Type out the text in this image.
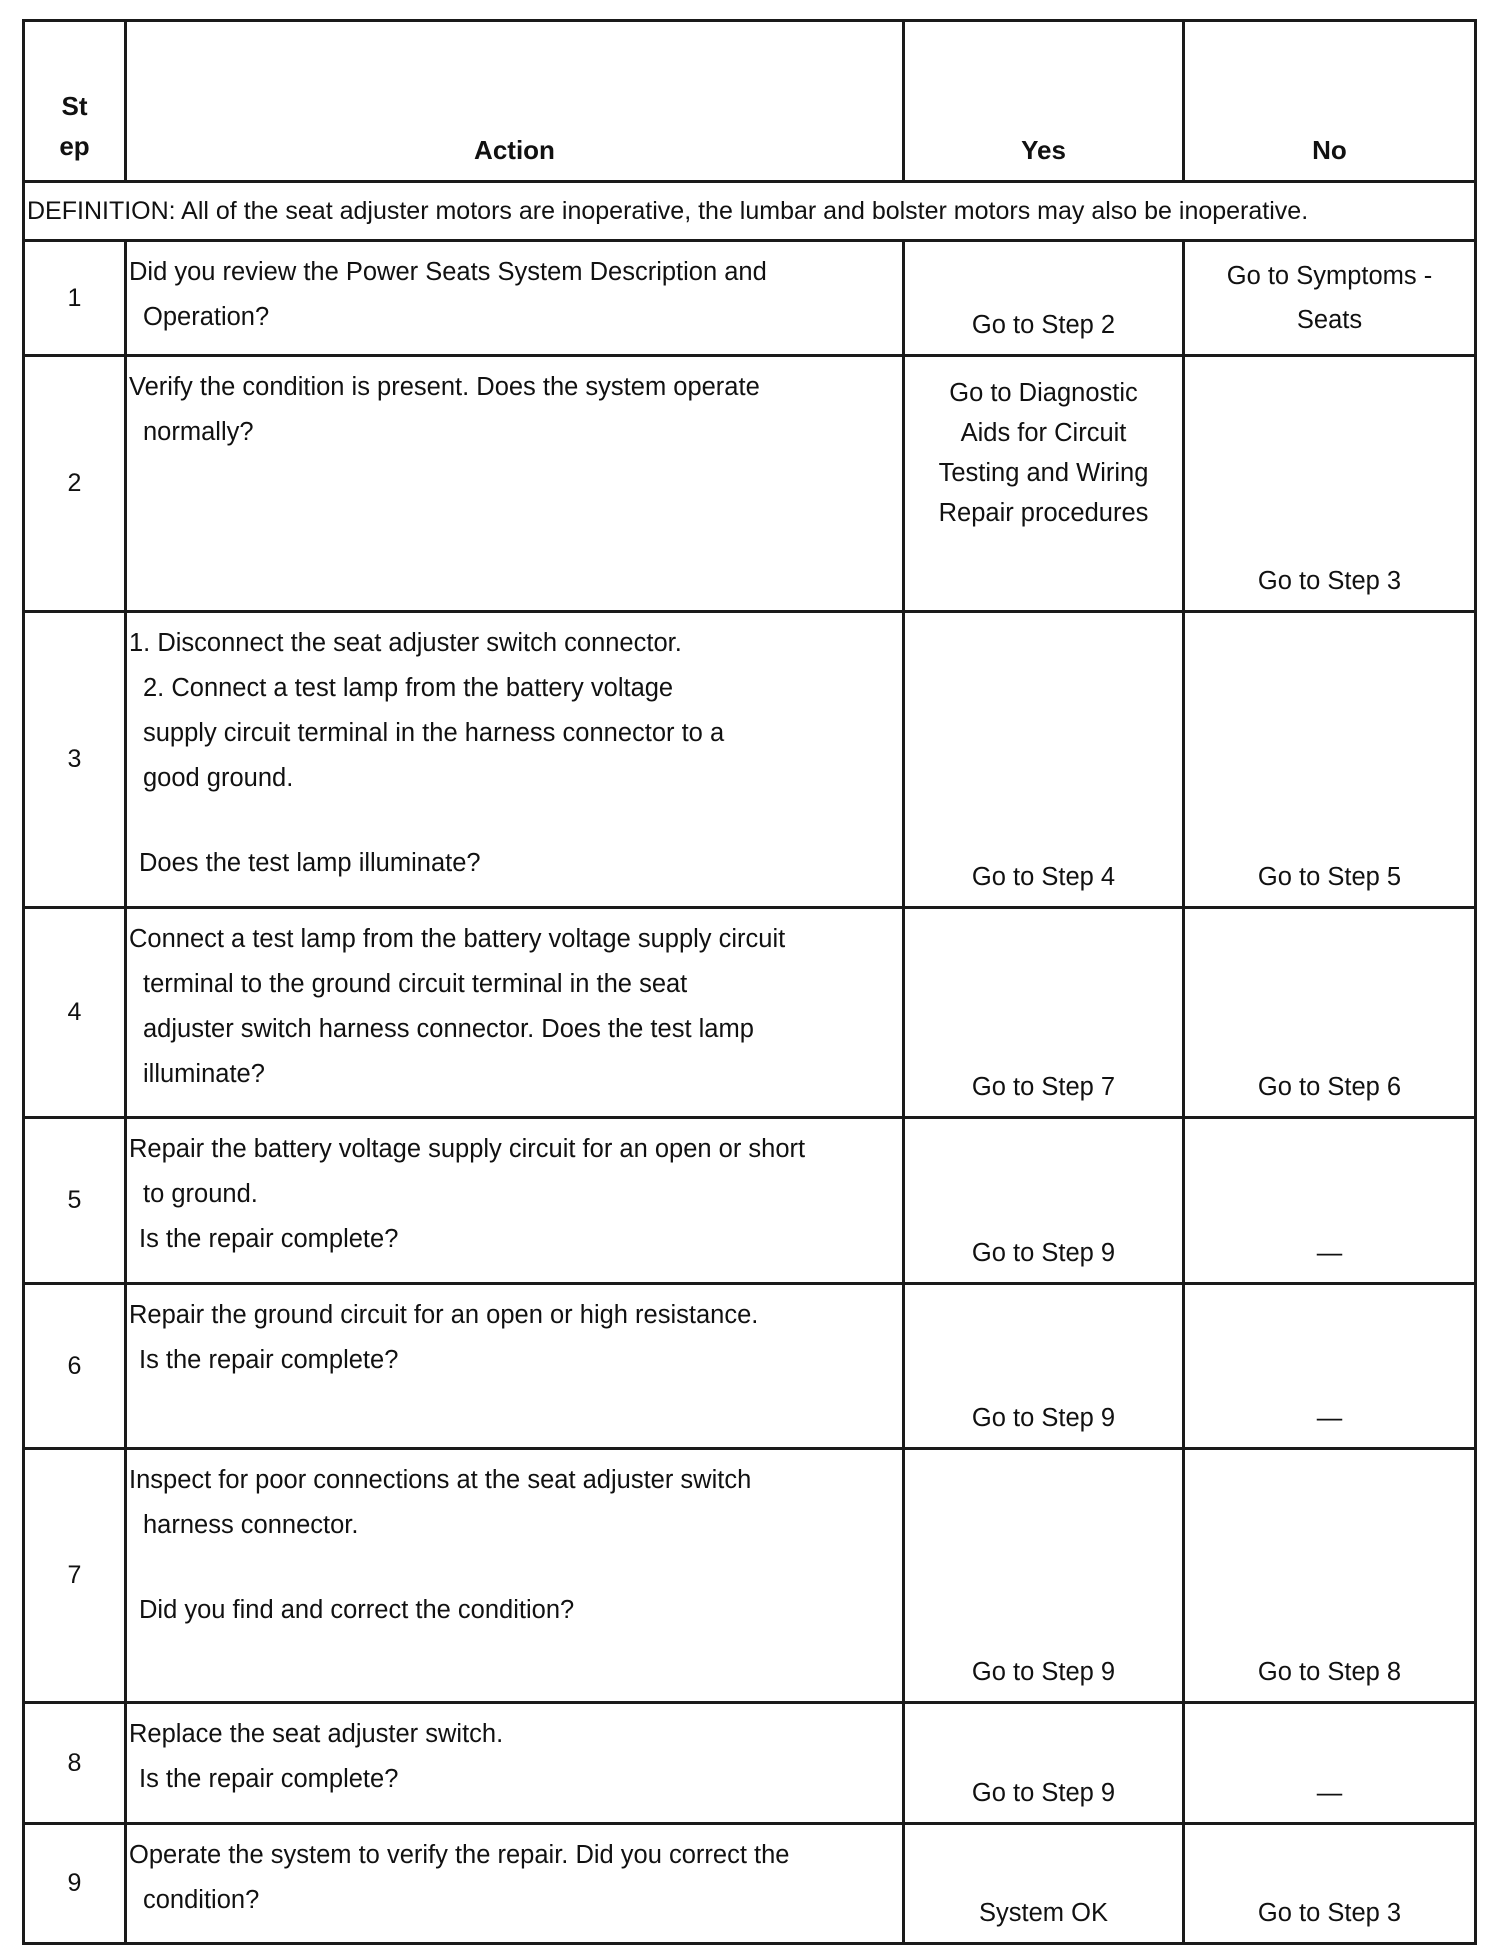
St
ep	Action	Yes	No
DEFINITION: All of the seat adjuster motors are inoperative, the lumbar and bolster motors may also be inoperative.			
1	Did you review the Power Seats System Description and
Operation?	Go to Step 2	Go to Symptoms -
Seats
2	Verify the condition is present. Does the system operate
normally?	Go to Diagnostic
Aids for Circuit
Testing and Wiring
Repair procedures	Go to Step 3
3	1. Disconnect the seat adjuster switch connector.
2. Connect a test lamp from the battery voltage
supply circuit terminal in the harness connector to a
good ground.
Does the test lamp illuminate?	Go to Step 4	Go to Step 5
4	Connect a test lamp from the battery voltage supply circuit
terminal to the ground circuit terminal in the seat
adjuster switch harness connector. Does the test lamp
illuminate?	Go to Step 7	Go to Step 6
5	Repair the battery voltage supply circuit for an open or short
to ground.
Is the repair complete?	Go to Step 9	—
6	Repair the ground circuit for an open or high resistance.
Is the repair complete?	Go to Step 9	—
7	Inspect for poor connections at the seat adjuster switch
harness connector.
Did you find and correct the condition?	Go to Step 9	Go to Step 8
8	Replace the seat adjuster switch.
Is the repair complete?	Go to Step 9	—
9	Operate the system to verify the repair. Did you correct the
condition?	System OK	Go to Step 3
